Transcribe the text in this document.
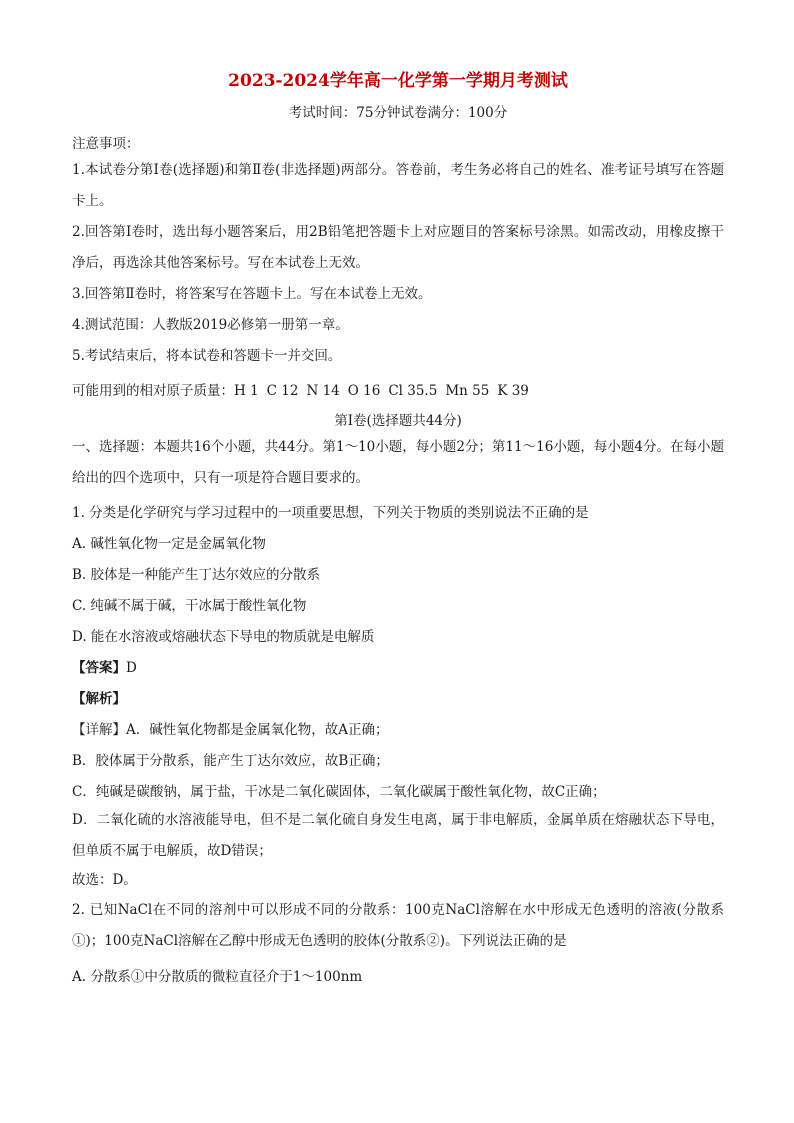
2023-2024学年高一化学第一学期月考测试
考试时间：75分钟试卷满分：100分
注意事项：
1.本试卷分第Ⅰ卷(选择题)和第Ⅱ卷(非选择题)两部分。答卷前，考生务必将自己的姓名、准考证号填写在答题卡上。
2.回答第Ⅰ卷时，选出每小题答案后，用2B铅笔把答题卡上对应题目的答案标号涂黑。如需改动，用橡皮擦干净后，再选涂其他答案标号。写在本试卷上无效。
3.回答第Ⅱ卷时，将答案写在答题卡上。写在本试卷上无效。
4.测试范围：人教版2019必修第一册第一章。
5.考试结束后，将本试卷和答题卡一并交回。
可能用到的相对原子质量：H 1 C 12 N 14 O 16 Cl 35.5 Mn 55 K 39
第Ⅰ卷(选择题共44分)
一、选择题：本题共16个小题，共44分。第1～10小题，每小题2分；第11～16小题，每小题4分。在每小题给出的四个选项中，只有一项是符合题目要求的。
1. 分类是化学研究与学习过程中的一项重要思想，下列关于物质的类别说法不正确的是
A. 碱性氧化物一定是金属氧化物
B. 胶体是一种能产生丁达尔效应的分散系
C. 纯碱不属于碱，干冰属于酸性氧化物
D. 能在水溶液或熔融状态下导电的物质就是电解质
【答案】D
【解析】
【详解】A．碱性氧化物都是金属氧化物，故A正确；
B．胶体属于分散系，能产生丁达尔效应，故B正确；
C．纯碱是碳酸钠，属于盐，干冰是二氧化碳固体，二氧化碳属于酸性氧化物，故C正确；
D．二氧化硫的水溶液能导电，但不是二氧化硫自身发生电离，属于非电解质，金属单质在熔融状态下导电，但单质不属于电解质，故D错误；
故选：D。
2. 已知NaCl在不同的溶剂中可以形成不同的分散系：100克NaCl溶解在水中形成无色透明的溶液(分散系①)；100克NaCl溶解在乙醇中形成无色透明的胶体(分散系②)。下列说法正确的是
A. 分散系①中分散质的微粒直径介于1～100nm
